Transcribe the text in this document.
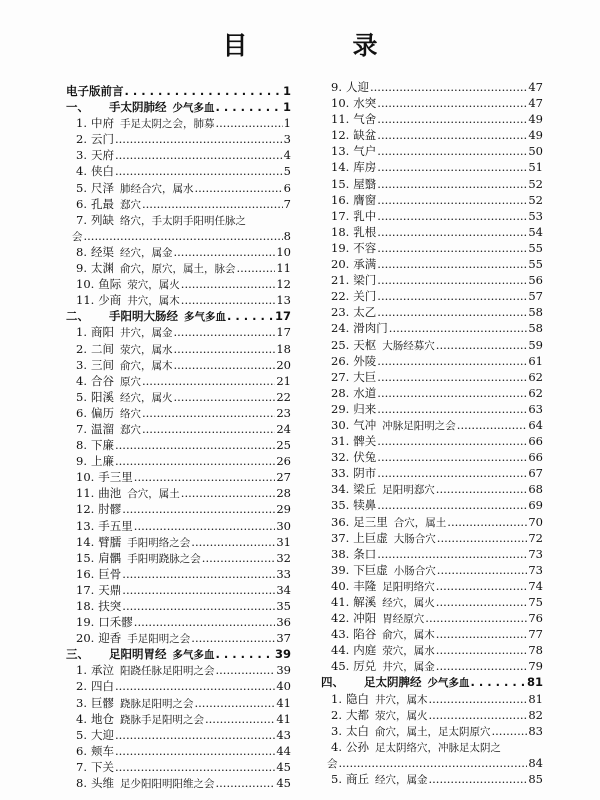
目　录
电子版前言 . . .	1
一、 手太阴肺经 少气多血 . . .	1
1. 中府 手足太阴之会，肺募 .....	1
2. 云门 .....	3
3. 天府 .....	4
4. 侠白 .....	5
5. 尺泽 肺经合穴，属水 .....	6
6. 孔最 郄穴 .....	7
7. 列缺 络穴，手太阴手阳明任脉之
会 .....	8
8. 经渠 经穴，属金 .....	10
9. 太渊 俞穴，原穴，属土，脉会 .....	11
10. 鱼际 荥穴，属火 .....	12
11. 少商 井穴，属木 .....	13
二、 手阳明大肠经 多气多血 . . .	17
1. 商阳 井穴，属金 .....	17
2. 二间 荥穴，属水 .....	18
3. 三间 俞穴，属木 .....	20
4. 合谷 原穴 .....	21
5. 阳溪 经穴，属火 .....	22
6. 偏历 络穴 .....	23
7. 温溜 郄穴 .....	24
8. 下廉 .....	25
9. 上廉 .....	26
10. 手三里 .....	27
11. 曲池 合穴，属土 .....	28
12. 肘髎 .....	29
13. 手五里 .....	30
14. 臂臑 手阳明络之会 .....	31
15. 肩髃 手阳明跷脉之会 .....	32
16. 巨骨 .....	33
17. 天鼎 .....	34
18. 扶突 .....	35
19. 口禾髎 .....	36
20. 迎香 手足阳明之会 .....	37
三、 足阳明胃经 多气多血 . . .	39
1. 承泣 阳跷任脉足阳明之会 .....	39
2. 四白 .....	40
3. 巨髎 跷脉足阳明之会 .....	41
4. 地仓 跷脉手足阳明之会 .....	41
5. 大迎 .....	43
6. 颊车 .....	44
7. 下关 .....	45
8. 头维 足少阳阳明阳维之会 .....	45
9. 人迎 .....	47
10. 水突 .....	47
11. 气舍 .....	49
12. 缺盆 .....	49
13. 气户 .....	50
14. 库房 .....	51
15. 屋翳 .....	52
16. 膺窗 .....	52
17. 乳中 .....	53
18. 乳根 .....	54
19. 不容 .....	55
20. 承满 .....	55
21. 梁门 .....	56
22. 关门 .....	57
23. 太乙 .....	58
24. 滑肉门 .....	58
25. 天枢 大肠经募穴 .....	59
26. 外陵 .....	61
27. 大巨 .....	62
28. 水道 .....	62
29. 归来 .....	63
30. 气冲 冲脉足阳明之会 .....	64
31. 髀关 .....	66
32. 伏兔 .....	66
33. 阴市 .....	67
34. 梁丘 足阳明郄穴 .....	68
35. 犊鼻 .....	69
36. 足三里 合穴，属土 .....	70
37. 上巨虚 大肠合穴 .....	72
38. 条口 .....	73
39. 下巨虚 小肠合穴 .....	73
40. 丰隆 足阳明络穴 .....	74
41. 解溪 经穴，属火 .....	75
42. 冲阳 胃经原穴 .....	76
43. 陷谷 俞穴，属木 .....	77
44. 内庭 荥穴，属水 .....	78
45. 厉兑 井穴，属金 .....	79
四、 足太阴脾经 少气多血 . . .	81
1. 隐白 井穴，属木 .....	81
2. 大都 荥穴，属火 .....	82
3. 太白 俞穴，属土，足太阴原穴 .....	83
4. 公孙 足太阴络穴，冲脉足太阴之
会 .....	84
5. 商丘 经穴，属金 .....	85
